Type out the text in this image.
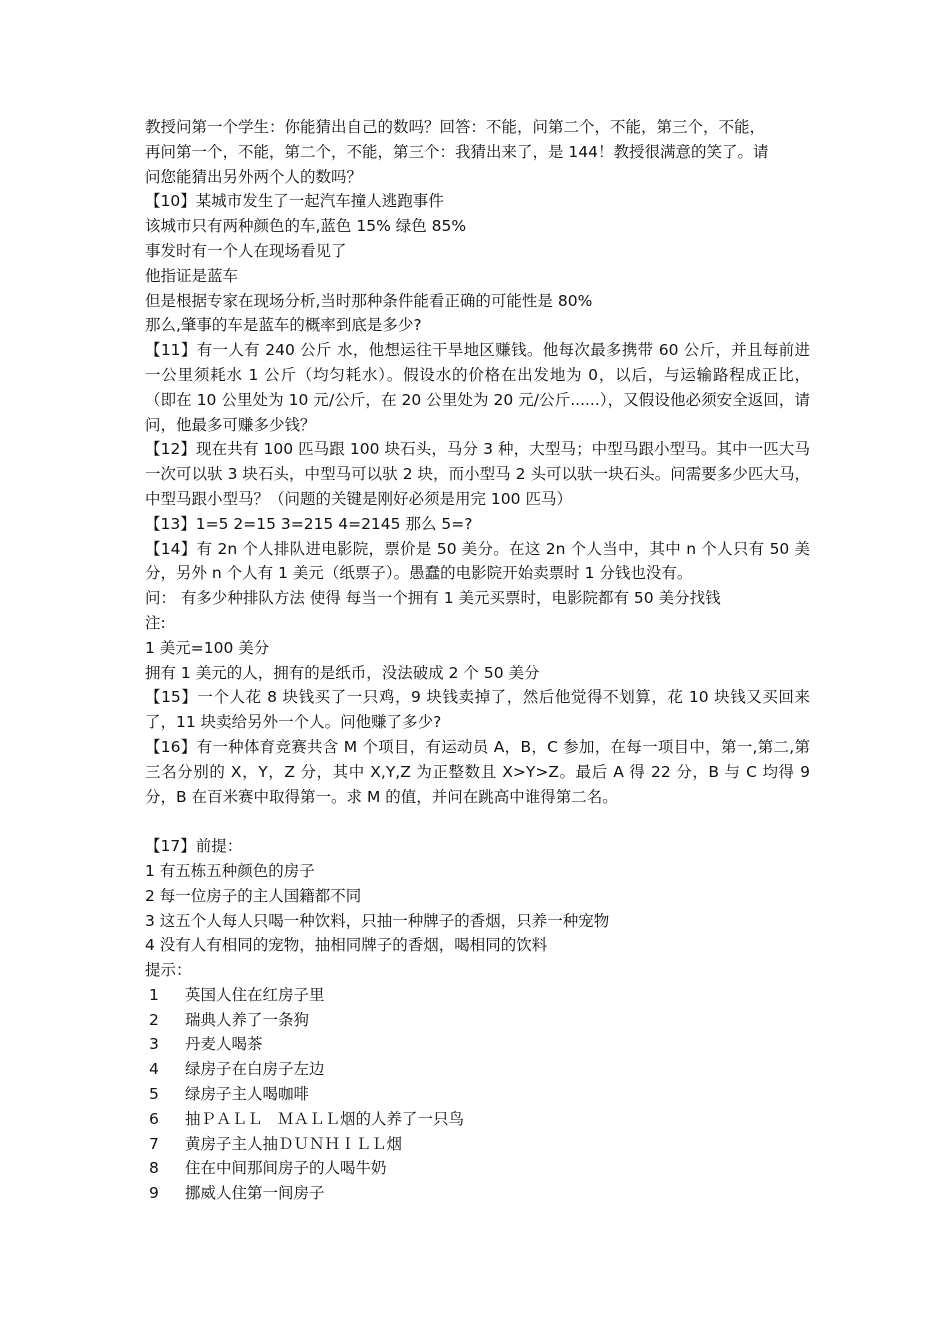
教授问第一个学生：你能猜出自己的数吗？回答：不能，问第二个，不能，第三个，不能，
再问第一个，不能，第二个，不能，第三个：我猜出来了，是 144！教授很满意的笑了。请
问您能猜出另外两个人的数吗？
【10】某城市发生了一起汽车撞人逃跑事件
该城市只有两种颜色的车,蓝色 15% 绿色 85%
事发时有一个人在现场看见了
他指证是蓝车
但是根据专家在现场分析,当时那种条件能看正确的可能性是 80%
那么,肇事的车是蓝车的概率到底是多少?
【11】有一人有 240 公斤 水，他想运往干旱地区赚钱。他每次最多携带 60 公斤，并且每前进一公里须耗水 1 公斤（均匀耗水）。假设水的价格在出发地为 0，以后，与运输路程成正比， （即在 10 公里处为 10 元/公斤，在 20 公里处为 20 元/公斤......），又假设他必须安全返回，请问，他最多可赚多少钱？
【12】现在共有 100 匹马跟 100 块石头，马分 3 种，大型马；中型马跟小型马。其中一匹大马一次可以驮 3 块石头，中型马可以驮 2 块，而小型马 2 头可以驮一块石头。问需要多少匹大马，中型马跟小型马？（问题的关键是刚好必须是用完 100 匹马）
【13】1=5 2=15 3=215 4=2145 那么 5=?
【14】有 2n 个人排队进电影院，票价是 50 美分。在这 2n 个人当中，其中 n 个人只有 50 美分，另外 n 个人有 1 美元（纸票子）。愚蠢的电影院开始卖票时 1 分钱也没有。
问： 有多少种排队方法 使得 每当一个拥有 1 美元买票时，电影院都有 50 美分找钱
注:
1 美元=100 美分
拥有 1 美元的人，拥有的是纸币，没法破成 2 个 50 美分
【15】一个人花 8 块钱买了一只鸡，9 块钱卖掉了，然后他觉得不划算，花 10 块钱又买回来了，11 块卖给另外一个人。问他赚了多少?
【16】有一种体育竞赛共含 M 个项目，有运动员 A，B，C 参加，在每一项目中，第一,第二,第三名分别的 X，Y，Z 分，其中 X,Y,Z 为正整数且 X>Y>Z。最后 A 得 22 分，B 与 C 均得 9 分，B 在百米赛中取得第一。求 M 的值，并问在跳高中谁得第二名。
【17】前提：
1 有五栋五种颜色的房子
2 每一位房子的主人国籍都不同
3 这五个人每人只喝一种饮料，只抽一种牌子的香烟，只养一种宠物
4 没有人有相同的宠物，抽相同牌子的香烟，喝相同的饮料
提示：
1 英国人住在红房子里
2 瑞典人养了一条狗
3 丹麦人喝茶
4 绿房子在白房子左边
5 绿房子主人喝咖啡
6 抽ＰＡＬＬ　ＭＡＬＬ烟的人养了一只鸟
7 黄房子主人抽ＤＵＮＨＩＬＬ烟
8 住在中间那间房子的人喝牛奶
9 挪威人住第一间房子
